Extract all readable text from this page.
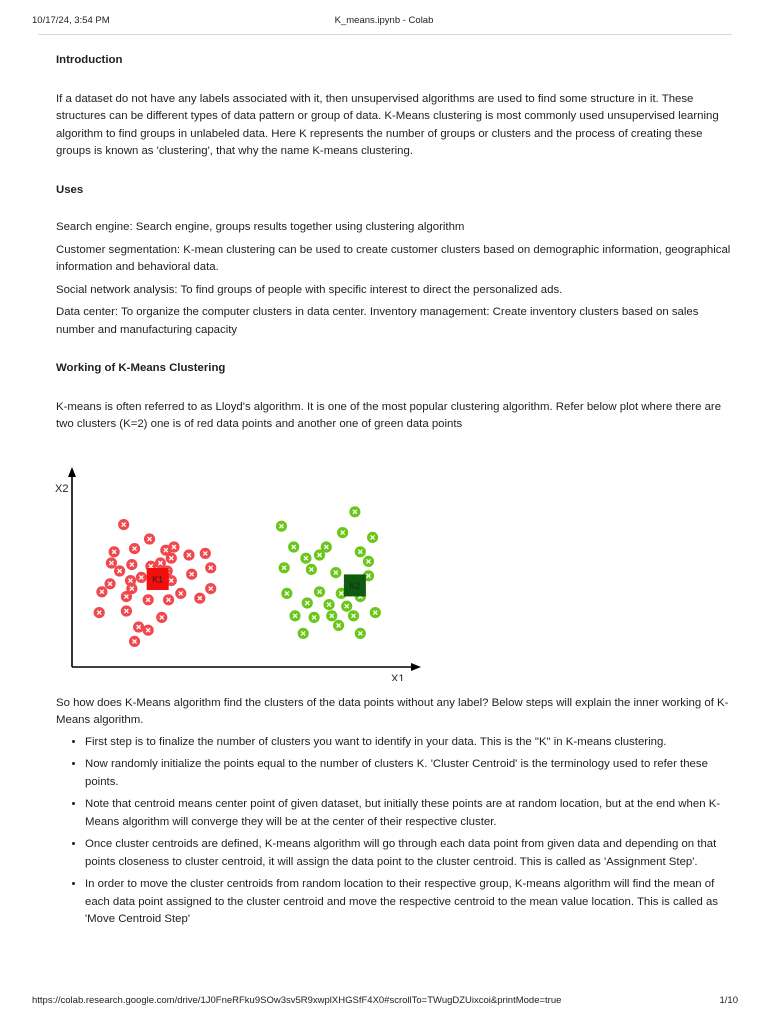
10/17/24, 3:54 PM	K_means.ipynb - Colab
Introduction

If a dataset do not have any labels associated with it, then unsupervised algorithms are used to find some structure in it. These structures can be different types of data pattern or group of data. K-Means clustering is most commonly used unsupervised learning algorithm to find groups in unlabeled data. Here K represents the number of groups or clusters and the process of creating these groups is known as 'clustering', that why the name K-means clustering.

Uses

Search engine: Search engine, groups results together using clustering algorithm

Customer segmentation: K-mean clustering can be used to create customer clusters based on demographic information, geographical information and behavioral data.

Social network analysis: To find groups of people with specific interest to direct the personalized ads.

Data center: To organize the computer clusters in data center. Inventory management: Create inventory clusters based on sales number and manufacturing capacity

Working of K-Means Clustering

K-means is often referred to as Lloyd's algorithm. It is one of the most popular clustering algorithm. Refer below plot where there are two clusters (K=2) one is of red data points and another one of green data points

X2
X1
K1
K2

So how does K-Means algorithm find the clusters of the data points without any label? Below steps will explain the inner working of K-Means algorithm.

• First step is to finalize the number of clusters you want to identify in your data. This is the "K" in K-means clustering.
• Now randomly initialize the points equal to the number of clusters K. 'Cluster Centroid' is the terminology used to refer these points.
• Note that centroid means center point of given dataset, but initially these points are at random location, but at the end when K-Means algorithm will converge they will be at the center of their respective cluster.
• Once cluster centroids are defined, K-means algorithm will go through each data point from given data and depending on that points closeness to cluster centroid, it will assign the data point to the cluster centroid. This is called as 'Assignment Step'.
• In order to move the cluster centroids from random location to their respective group, K-means algorithm will find the mean of each data point assigned to the cluster centroid and move the respective centroid to the mean value location. This is called as 'Move Centroid Step'
https://colab.research.google.com/drive/1J0FneRFku9SOw3sv5R9xwplXHGSfF4X0#scrollTo=TWugDZUixcoi&printMode=true	1/10
